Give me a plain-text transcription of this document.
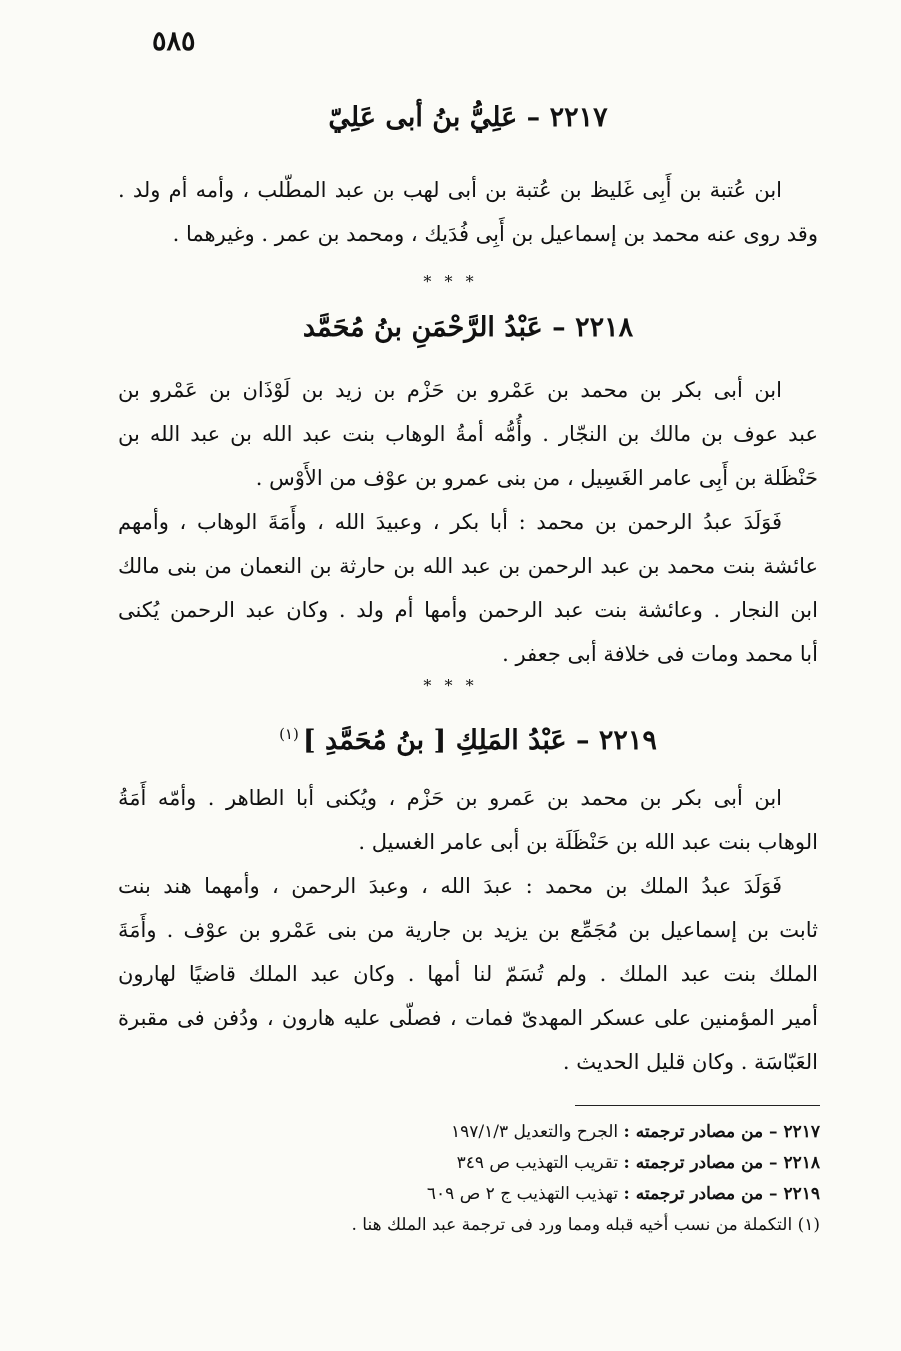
٥٨٥
٢٢١٧ – عَلِيُّ بنُ أبى عَلِيّ

ابن عُتبة بن أَبِى غَليظ بن عُتبة بن أبى لهب بن عبد المطّلب ، وأمه أم ولد .
وقد روى عنه محمد بن إسماعيل بن أَبِى فُدَيك ، ومحمد بن عمر . وغيرهما .

* * *
٢٢١٨ – عَبْدُ الرَّحْمَنِ بنُ مُحَمَّد

ابن أبى بكر بن محمد بن عَمْرو بن حَزْم بن زيد بن لَوْذَان بن عَمْرو بن
عبد عوف بن مالك بن النجّار . وأُمُّه أمةُ الوهاب بنت عبد الله بن عبد الله بن
حَنْظَلة بن أَبِى عامر الغَسِيل ، من بنى عمرو بن عوْف من الأَوْس .

فَوَلَدَ عبدُ الرحمن بن محمد : أبا بكر ، وعبيدَ الله ، وأَمَةَ الوهاب ، وأمهم
عائشة بنت محمد بن عبد الرحمن بن عبد الله بن حارثة بن النعمان من بنى مالك
ابن النجار . وعائشة بنت عبد الرحمن وأمها أم ولد . وكان عبد الرحمن يُكنى
أبا محمد ومات فى خلافة أبى جعفر .

* * *
٢٢١٩ – عَبْدُ المَلِكِ [ بنُ مُحَمَّدِ ]$^{(١)}$

ابن أبى بكر بن محمد بن عَمرو بن حَزْم ، ويُكنى أبا الطاهر . وأمّه أَمَةُ
الوهاب بنت عبد الله بن حَنْظَلَة بن أبى عامر الغسيل .

فَوَلَدَ عبدُ الملك بن محمد : عبدَ الله ، وعبدَ الرحمن ، وأمهما هند بنت
ثابت بن إسماعيل بن مُجَمِّع بن يزيد بن جارية من بنى عَمْرو بن عوْف . وأَمَةَ
الملك بنت عبد الملك . ولم تُسَمّ لنا أمها . وكان عبد الملك قاضيًا لهارون
أمير المؤمنين على عسكر المهدىّ فمات ، فصلّى عليه هارون ، ودُفن فى مقبرة
العَبّاسَة . وكان قليل الحديث .

٢٢١٧ – من مصادر ترجمته : الجرح والتعديل ١٩٧/١/٣
٢٢١٨ – من مصادر ترجمته : تقريب التهذيب ص ٣٤٩
٢٢١٩ – من مصادر ترجمته : تهذيب التهذيب ج ٢ ص ٦٠٩
(١) التكملة من نسب أخيه قبله ومما ورد فى ترجمة عبد الملك هنا .
